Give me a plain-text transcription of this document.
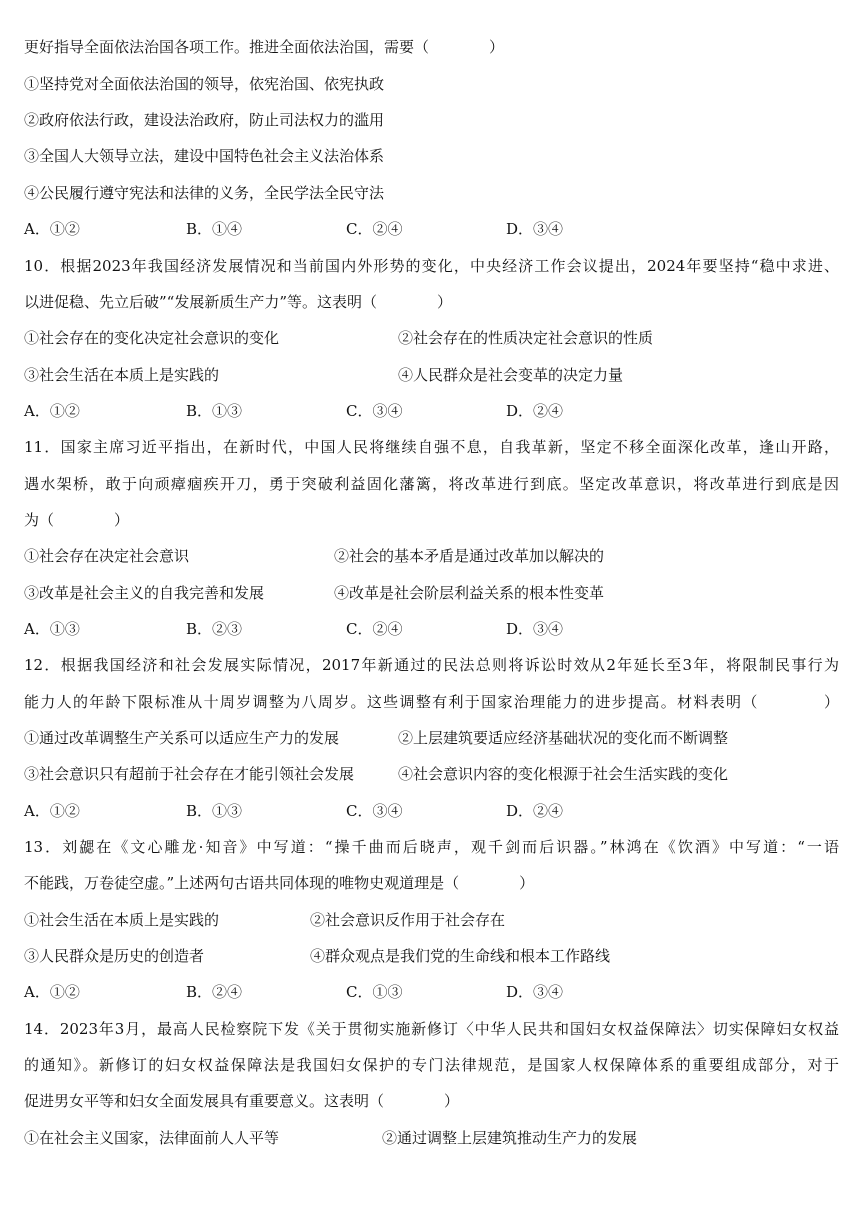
更好指导全面依法治国各项工作。推进全面依法治国，需要（　　　　）
①坚持党对全面依法治国的领导，依宪治国、依宪执政
②政府依法行政，建设法治政府，防止司法权力的滥用
③全国人大领导立法，建设中国特色社会主义法治体系
④公民履行遵守宪法和法律的义务，全民学法全民守法
A．①②	B．①④	C．②④	D．③④
10．根据2023年我国经济发展情况和当前国内外形势的变化，中央经济工作会议提出，2024年要坚持“稳中求进、
以进促稳、先立后破”“发展新质生产力”等。这表明（　　　　）
①社会存在的变化决定社会意识的变化	②社会存在的性质决定社会意识的性质
③社会生活在本质上是实践的	④人民群众是社会变革的决定力量
A．①②	B．①③	C．③④	D．②④
11．国家主席习近平指出，在新时代，中国人民将继续自强不息，自我革新，坚定不移全面深化改革，逢山开路，
遇水架桥，敢于向顽瘴痼疾开刀，勇于突破利益固化藩篱，将改革进行到底。坚定改革意识，将改革进行到底是因
为（　　　　）
①社会存在决定社会意识	②社会的基本矛盾是通过改革加以解决的
③改革是社会主义的自我完善和发展	④改革是社会阶层利益关系的根本性变革
A．①③	B．②③	C．②④	D．③④
12．根据我国经济和社会发展实际情况，2017年新通过的民法总则将诉讼时效从2年延长至3年，将限制民事行为
能力人的年龄下限标准从十周岁调整为八周岁。这些调整有利于国家治理能力的进步提高。材料表明（　　　　）
①通过改革调整生产关系可以适应生产力的发展	②上层建筑要适应经济基础状况的变化而不断调整
③社会意识只有超前于社会存在才能引领社会发展	④社会意识内容的变化根源于社会生活实践的变化
A．①②	B．①③	C．③④	D．②④
13．刘勰在《文心雕龙·知音》中写道：“操千曲而后晓声，观千剑而后识器。”林鸿在《饮酒》中写道：“一语
不能践，万卷徒空虚。”上述两句古语共同体现的唯物史观道理是（　　　　）
①社会生活在本质上是实践的	②社会意识反作用于社会存在
③人民群众是历史的创造者	④群众观点是我们党的生命线和根本工作路线
A．①②	B．②④	C．①③	D．③④
14．2023年3月，最高人民检察院下发《关于贯彻实施新修订〈中华人民共和国妇女权益保障法〉切实保障妇女权益
的通知》。新修订的妇女权益保障法是我国妇女保护的专门法律规范，是国家人权保障体系的重要组成部分，对于
促进男女平等和妇女全面发展具有重要意义。这表明（　　　　）
①在社会主义国家，法律面前人人平等	②通过调整上层建筑推动生产力的发展
